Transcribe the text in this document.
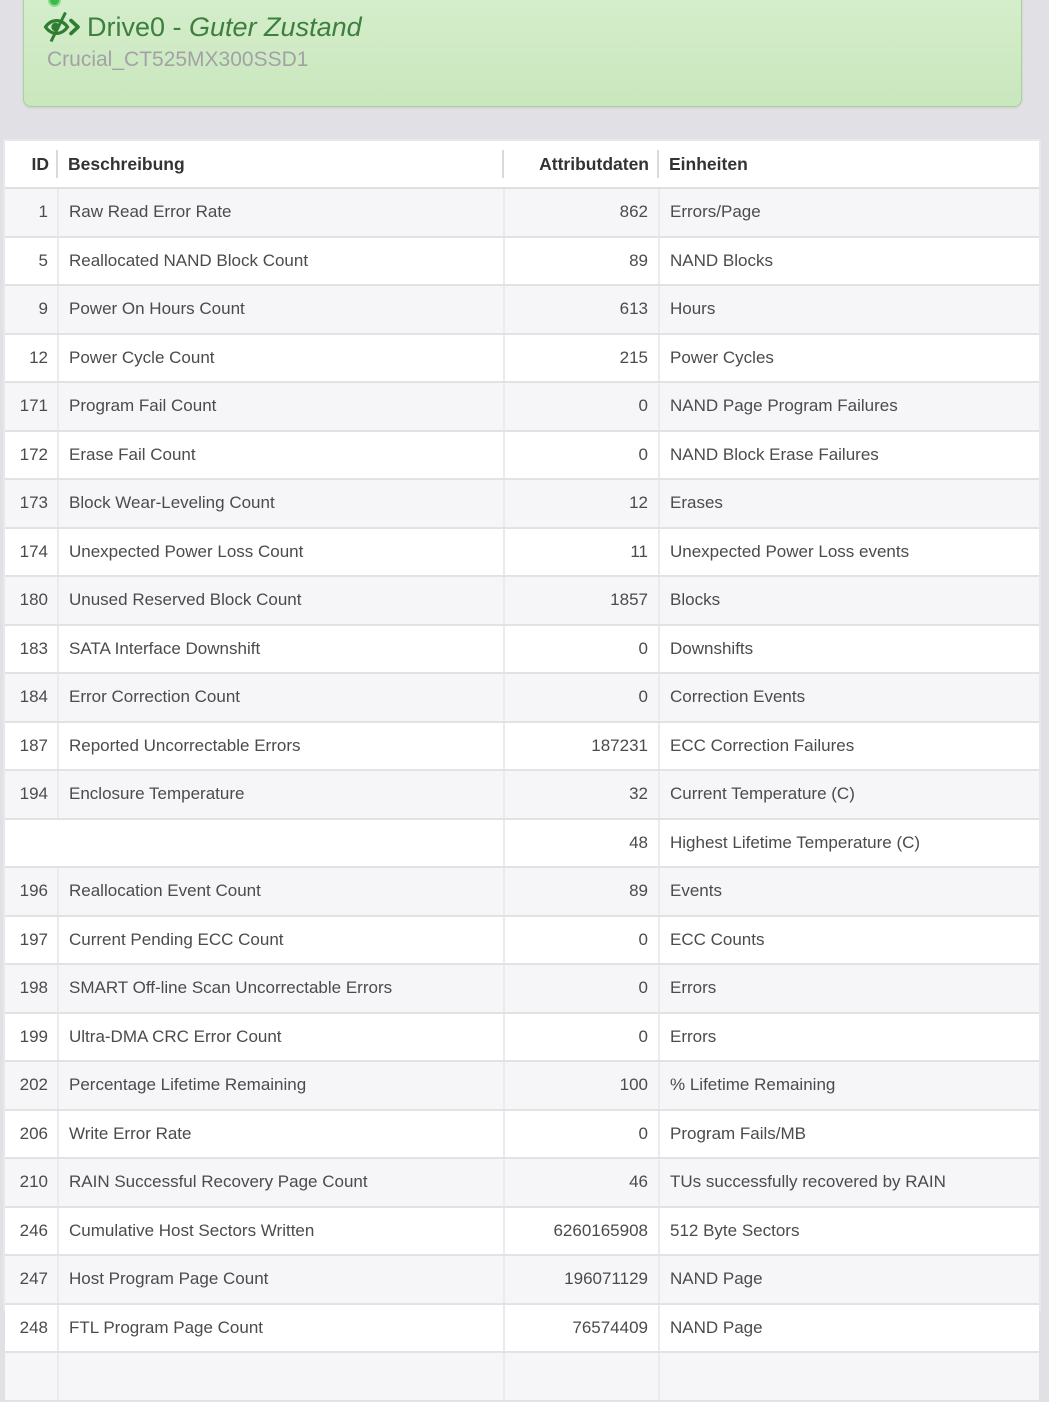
Drive0 - Guter Zustand
Crucial_CT525MX300SSD1
ID	Beschreibung	Attributdaten	Einheiten
1	Raw Read Error Rate	862	Errors/Page
5	Reallocated NAND Block Count	89	NAND Blocks
9	Power On Hours Count	613	Hours
12	Power Cycle Count	215	Power Cycles
171	Program Fail Count	0	NAND Page Program Failures
172	Erase Fail Count	0	NAND Block Erase Failures
173	Block Wear-Leveling Count	12	Erases
174	Unexpected Power Loss Count	11	Unexpected Power Loss events
180	Unused Reserved Block Count	1857	Blocks
183	SATA Interface Downshift	0	Downshifts
184	Error Correction Count	0	Correction Events
187	Reported Uncorrectable Errors	187231	ECC Correction Failures
194	Enclosure Temperature	32	Current Temperature (C)
		48	Highest Lifetime Temperature (C)
196	Reallocation Event Count	89	Events
197	Current Pending ECC Count	0	ECC Counts
198	SMART Off-line Scan Uncorrectable Errors	0	Errors
199	Ultra-DMA CRC Error Count	0	Errors
202	Percentage Lifetime Remaining	100	% Lifetime Remaining
206	Write Error Rate	0	Program Fails/MB
210	RAIN Successful Recovery Page Count	46	TUs successfully recovered by RAIN
246	Cumulative Host Sectors Written	6260165908	512 Byte Sectors
247	Host Program Page Count	196071129	NAND Page
248	FTL Program Page Count	76574409	NAND Page
